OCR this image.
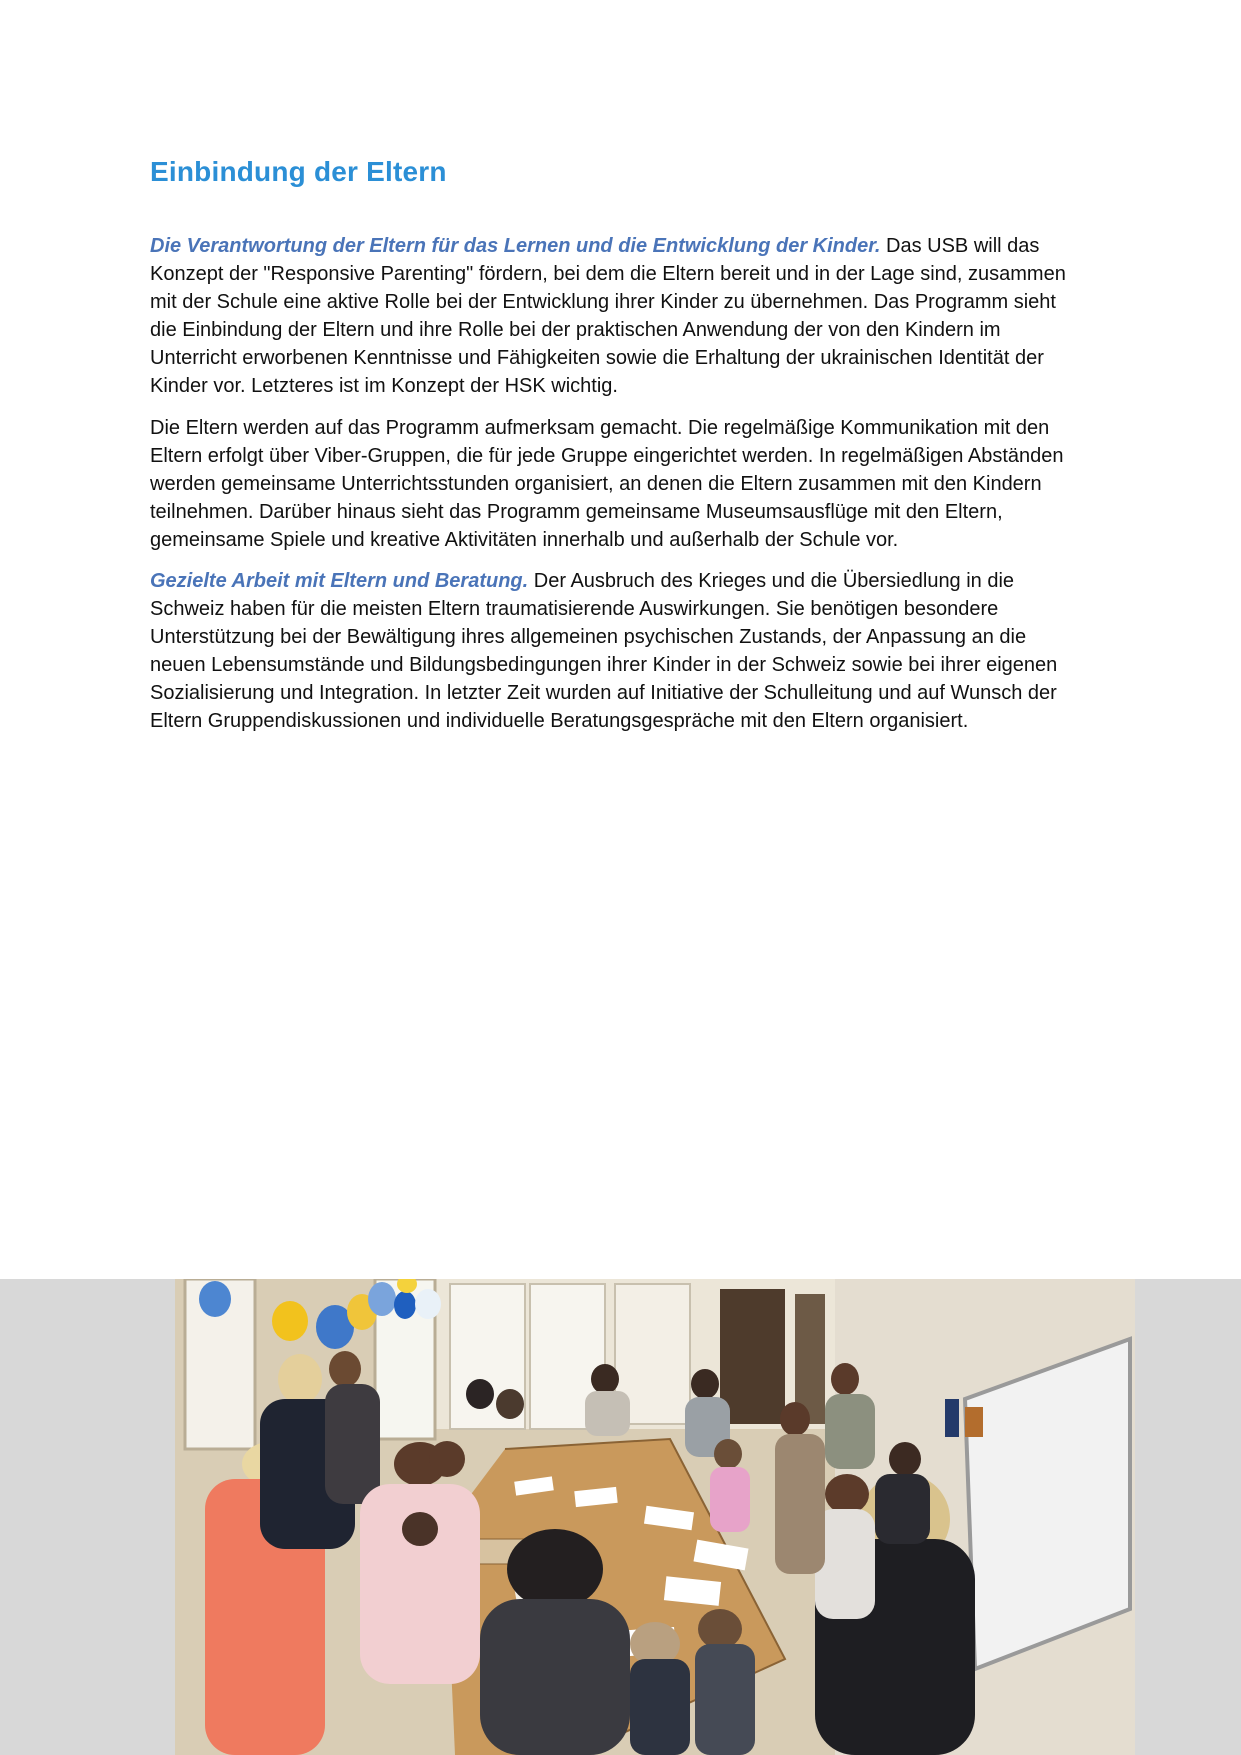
Einbindung der Eltern

Die Verantwortung der Eltern für das Lernen und die Entwicklung der Kinder. Das USB will das Konzept der "Responsive Parenting" fördern, bei dem die Eltern bereit und in der Lage sind, zusammen mit der Schule eine aktive Rolle bei der Entwicklung ihrer Kinder zu übernehmen. Das Programm sieht die Einbindung der Eltern und ihre Rolle bei der praktischen Anwendung der von den Kindern im Unterricht erworbenen Kenntnisse und Fähigkeiten sowie die Erhaltung der ukrainischen Identität der Kinder vor. Letzteres ist im Konzept der HSK wichtig.

Die Eltern werden auf das Programm aufmerksam gemacht. Die regelmäßige Kommunikation mit den Eltern erfolgt über Viber-Gruppen, die für jede Gruppe eingerichtet werden. In regelmäßigen Abständen werden gemeinsame Unterrichtsstunden organisiert, an denen die Eltern zusammen mit den Kindern teilnehmen. Darüber hinaus sieht das Programm gemeinsame Museumsausflüge mit den Eltern, gemeinsame Spiele und kreative Aktivitäten innerhalb und außerhalb der Schule vor.

Gezielte Arbeit mit Eltern und Beratung. Der Ausbruch des Krieges und die Übersiedlung in die Schweiz haben für die meisten Eltern traumatisierende Auswirkungen. Sie benötigen besondere Unterstützung bei der Bewältigung ihres allgemeinen psychischen Zustands, der Anpassung an die neuen Lebensumstände und Bildungsbedingungen ihrer Kinder in der Schweiz sowie bei ihrer eigenen Sozialisierung und Integration. In letzter Zeit wurden auf Initiative der Schulleitung und auf Wunsch der Eltern Gruppendiskussionen und individuelle Beratungsgespräche mit den Eltern organisiert.
